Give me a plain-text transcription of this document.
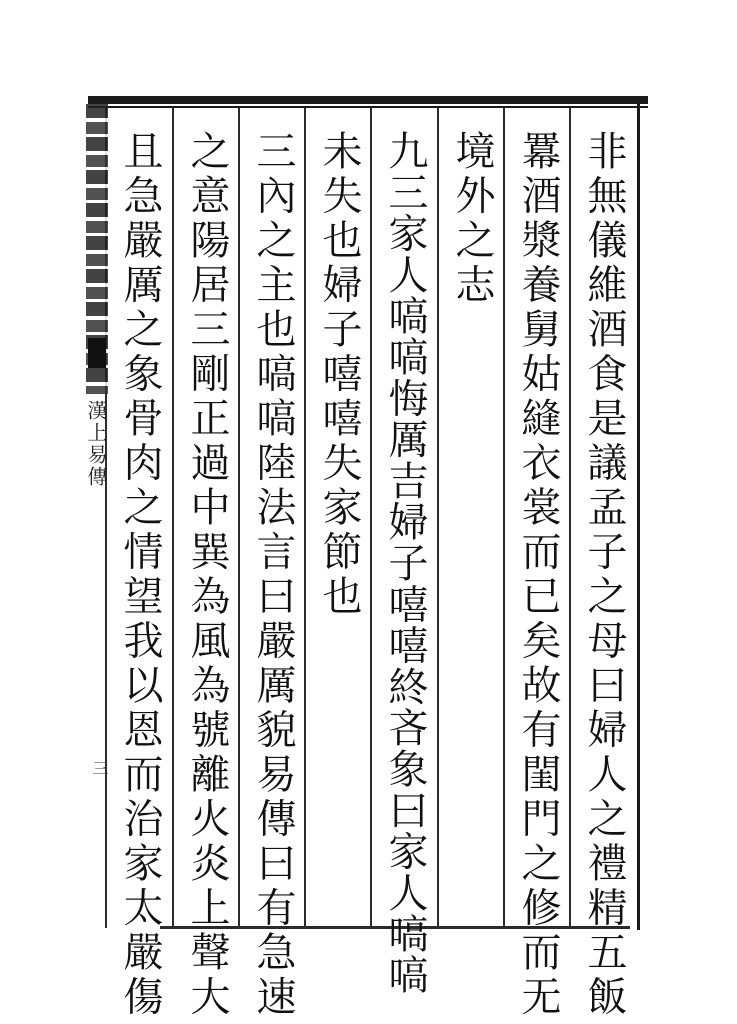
漢上易傳
三	非無儀維酒食是議孟子之母曰婦人之禮精五飯
羃酒漿養舅姑縫衣裳而已矣故有閨門之修而无
境外之志
九三家人嗃嗃悔厲吉婦子嘻嘻終吝象曰家人嗃嗃
未失也婦子嘻嘻失家節也
三內之主也嗃嗃陸法言曰嚴厲貌易傳曰有急速
之意陽居三剛正過中巽為風為號離火炎上聲大
且急嚴厲之象骨肉之情望我以恩而治家太嚴傷
